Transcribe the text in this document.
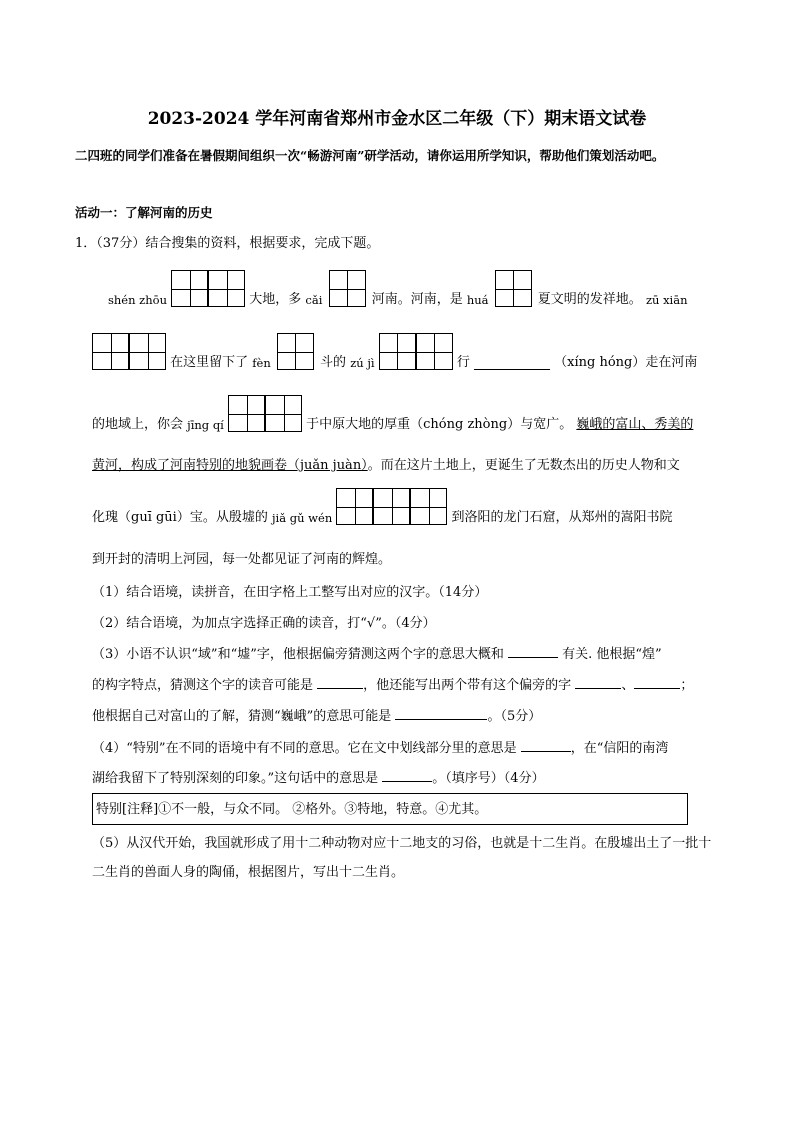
2023-2024 学年河南省郑州市金水区二年级（下）期末语文试卷
二四班的同学们准备在暑假期间组织一次“畅游河南”研学活动，请你运用所学知识，帮助他们策划活动吧。
活动一：了解河南的历史
1．（37分）结合搜集的资料，根据要求，完成下题。
shén zhōu	大地，多 cǎi	河南。河南，是 huá	夏文明的发祥地。 zū xiān
在这里留下了 fèn	斗的 zú jì	行	（xíng hóng）走在河南
的地域上，你会 jīng qí	于中原大地的厚重（chóng zhòng）与宽广。 巍峨的富山、秀美的
黄河，构成了河南特别的地貌画卷（juǎn juàn）。而在这片土地上，更诞生了无数杰出的历史人物和文
化瑰（guī gūi）宝。从殷墟的 jiǎ gǔ wén	到洛阳的龙门石窟，从郑州的嵩阳书院
到开封的清明上河园，每一处都见证了河南的辉煌。
（1）结合语境，读拼音，在田字格上工整写出对应的汉字。（14分）
（2）结合语境，为加点字选择正确的读音，打“√”。（4分）
（3）小语不认识“域”和“墟”字，他根据偏旁猜测这两个字的意思大概和	有关. 他根据“煌”
的构字特点，猜测这个字的读音可能是	，他还能写出两个带有这个偏旁的字	、	；
他根据自己对富山的了解，猜测“巍峨”的意思可能是	。（5分）
（4）“特别”在不同的语境中有不同的意思。它在文中划线部分里的意思是	，在“信阳的南湾
湖给我留下了特别深刻的印象。”这句话中的意思是	。（填序号）（4分）
特别[注释]①不一般，与众不同。 ②格外。③特地，特意。④尤其。
（5）从汉代开始，我国就形成了用十二种动物对应十二地支的习俗，也就是十二生肖。在殷墟出土了一批十二生肖的兽面人身的陶俑，根据图片，写出十二生肖。
